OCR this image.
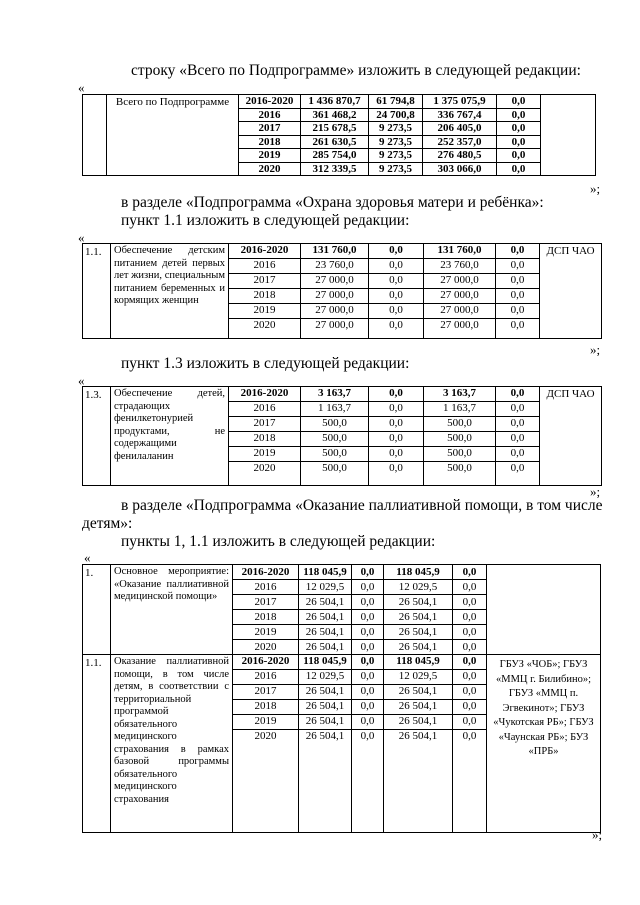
строку «Всего по Подпрограмме» изложить в следующей редакции:
«
	Всего по Подпрограмме	2016-2020	1 436 870,7	61 794,8	1 375 075,9	0,0	
		2016	361 468,2	24 700,8	336 767,4	0,0	
		2017	215 678,5	9 273,5	206 405,0	0,0	
		2018	261 630,5	9 273,5	252 357,0	0,0	
		2019	285 754,0	9 273,5	276 480,5	0,0	
		2020	312 339,5	9 273,5	303 066,0	0,0	
»;
в разделе «Подпрограмма «Охрана здоровья матери и ребёнка»:
пункт 1.1 изложить в следующей редакции:
«
1.1.	Обеспечение детским питанием детей первых лет жизни, специальным питанием беременных и кормящих женщин	2016-2020	131 760,0	0,0	131 760,0	0,0	ДСП ЧАО
		2016	23 760,0	0,0	23 760,0	0,0	
		2017	27 000,0	0,0	27 000,0	0,0	
		2018	27 000,0	0,0	27 000,0	0,0	
		2019	27 000,0	0,0	27 000,0	0,0	
		2020	27 000,0	0,0	27 000,0	0,0	
»;
пункт 1.3 изложить в следующей редакции:
«
1.3.	Обеспечение детей, страдающих фенилкетонурией продуктами, не содержащими фенилаланин	2016-2020	3 163,7	0,0	3 163,7	0,0	ДСП ЧАО
		2016	1 163,7	0,0	1 163,7	0,0	
		2017	500,0	0,0	500,0	0,0	
		2018	500,0	0,0	500,0	0,0	
		2019	500,0	0,0	500,0	0,0	
		2020	500,0	0,0	500,0	0,0	
»;
в разделе «Подпрограмма «Оказание паллиативной помощи, в том числе
детям»:
пункты 1, 1.1 изложить в следующей редакции:
«
1.	Основное мероприятие: «Оказание паллиативной медицинской помощи»	2016-2020	118 045,9	0,0	118 045,9	0,0	
		2016	12 029,5	0,0	12 029,5	0,0	
		2017	26 504,1	0,0	26 504,1	0,0	
		2018	26 504,1	0,0	26 504,1	0,0	
		2019	26 504,1	0,0	26 504,1	0,0	
		2020	26 504,1	0,0	26 504,1	0,0	
1.1.	Оказание паллиативной помощи, в том числе детям, в соответствии с территориальной программой обязательного медицинского страхования в рамках базовой программы обязательного медицинского страхования	2016-2020	118 045,9	0,0	118 045,9	0,0	ГБУЗ «ЧОБ»; ГБУЗ «ММЦ г. Билибино»; ГБУЗ «ММЦ п. Эгвекинот»; ГБУЗ «Чукотская РБ»; ГБУЗ «Чаунская РБ»; БУЗ «ПРБ»
		2016	12 029,5	0,0	12 029,5	0,0	
		2017	26 504,1	0,0	26 504,1	0,0	
		2018	26 504,1	0,0	26 504,1	0,0	
		2019	26 504,1	0,0	26 504,1	0,0	
		2020	26 504,1	0,0	26 504,1	0,0	
»;
